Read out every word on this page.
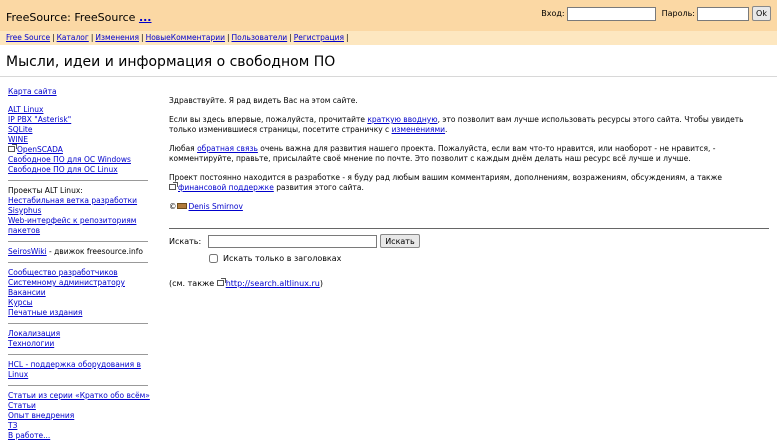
FreeSource: FreeSource ...	Вход:	Пароль:	Ok
Free Source | Каталог | Изменения | НовыеКомментарии | Пользователи | Регистрация |
Мысли, идеи и информация о свободном ПО
Карта сайта
ALT Linux
IP PBX "Asterisk"
SQLite
WINE
OpenSCADA
Свободное ПО для ОС Windows
Свободное ПО для ОС Linux
Проекты ALT Linux:
Нестабильная ветка разработки Sisyphus
Web-интерфейс к репозиториям пакетов
SeirosWiki - движок freesource.info
Сообщество разработчиков
Системному администратору
Вакансии
Курсы
Печатные издания
Локализация
Технологии
HCL - поддержка оборудования в Linux
Статьи из серии «Кратко обо всём»
Статьи
Опыт внедрения
ТЗ
В работе...

Здравствуйте. Я рад видеть Вас на этом сайте.

Если вы здесь впервые, пожалуйста, прочитайте краткую вводную, это позволит вам лучше использовать ресурсы этого сайта. Чтобы увидеть только изменившиеся страницы, посетите страничку с изменениями.

Любая обратная связь очень важна для развития нашего проекта. Пожалуйста, если вам что-то нравится, или наоборот - не нравится, - комментируйте, правьте, присылайте своё мнение по почте. Это позволит с каждым днём делать наш ресурс всё лучше и лучше.

Проект постоянно находится в разработке - я буду рад любым вашим комментариям, дополнениям, возражениям, обсуждениям, а также
финансовой поддержке развития этого сайта.

© Denis Smirnov

Искать:	Искать
Искать только в заголовках
(см. также http://search.altlinux.ru)
